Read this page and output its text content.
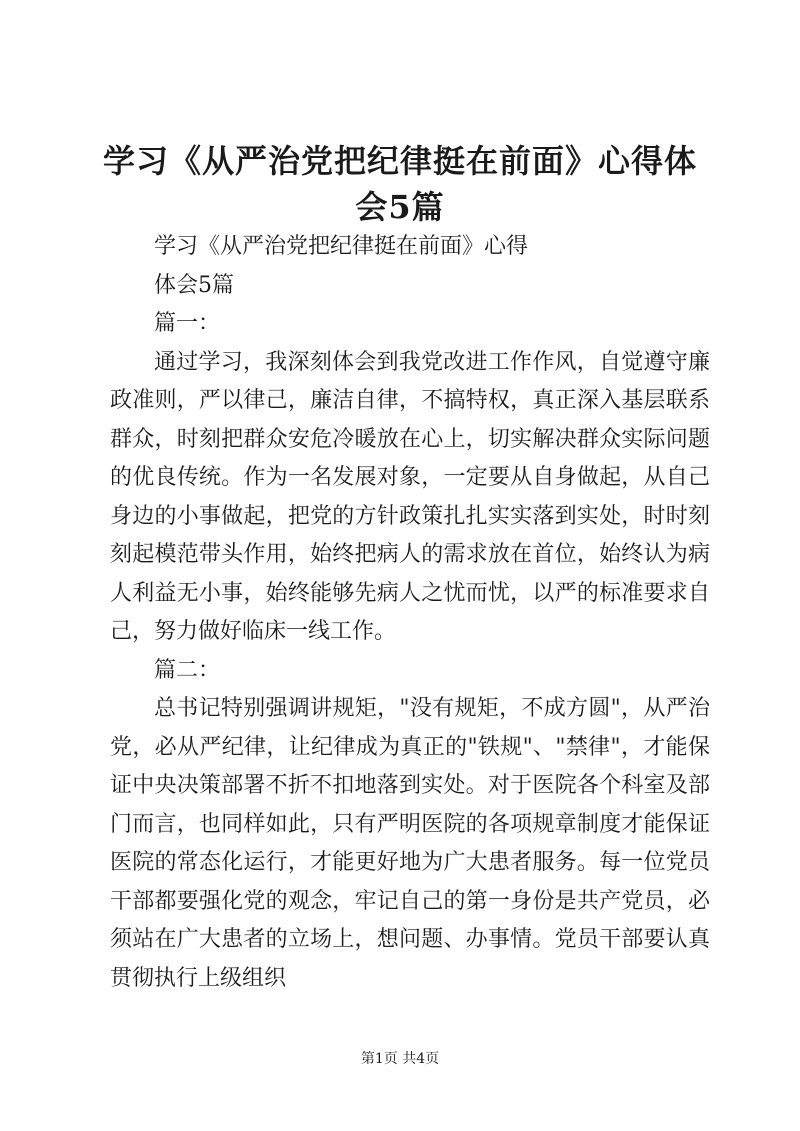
学习《从严治党把纪律挺在前面》心得体会5篇

学习《从严治党把纪律挺在前面》心得

体会5篇

篇一：

通过学习，我深刻体会到我党改进工作作风，自觉遵守廉政准则，严以律己，廉洁自律，不搞特权，真正深入基层联系群众，时刻把群众安危冷暖放在心上，切实解决群众实际问题的优良传统。作为一名发展对象，一定要从自身做起，从自己身边的小事做起，把党的方针政策扎扎实实落到实处，时时刻刻起模范带头作用，始终把病人的需求放在首位，始终认为病人利益无小事，始终能够先病人之忧而忧，以严的标准要求自己，努力做好临床一线工作。

篇二：

总书记特别强调讲规矩，"没有规矩，不成方圆"，从严治党，必从严纪律，让纪律成为真正的"铁规"、"禁律"，才能保证中央决策部署不折不扣地落到实处。对于医院各个科室及部门而言，也同样如此，只有严明医院的各项规章制度才能保证医院的常态化运行，才能更好地为广大患者服务。每一位党员干部都要强化党的观念，牢记自己的第一身份是共产党员，必须站在广大患者的立场上，想问题、办事情。党员干部要认真贯彻执行上级组织

第1页 共4页
